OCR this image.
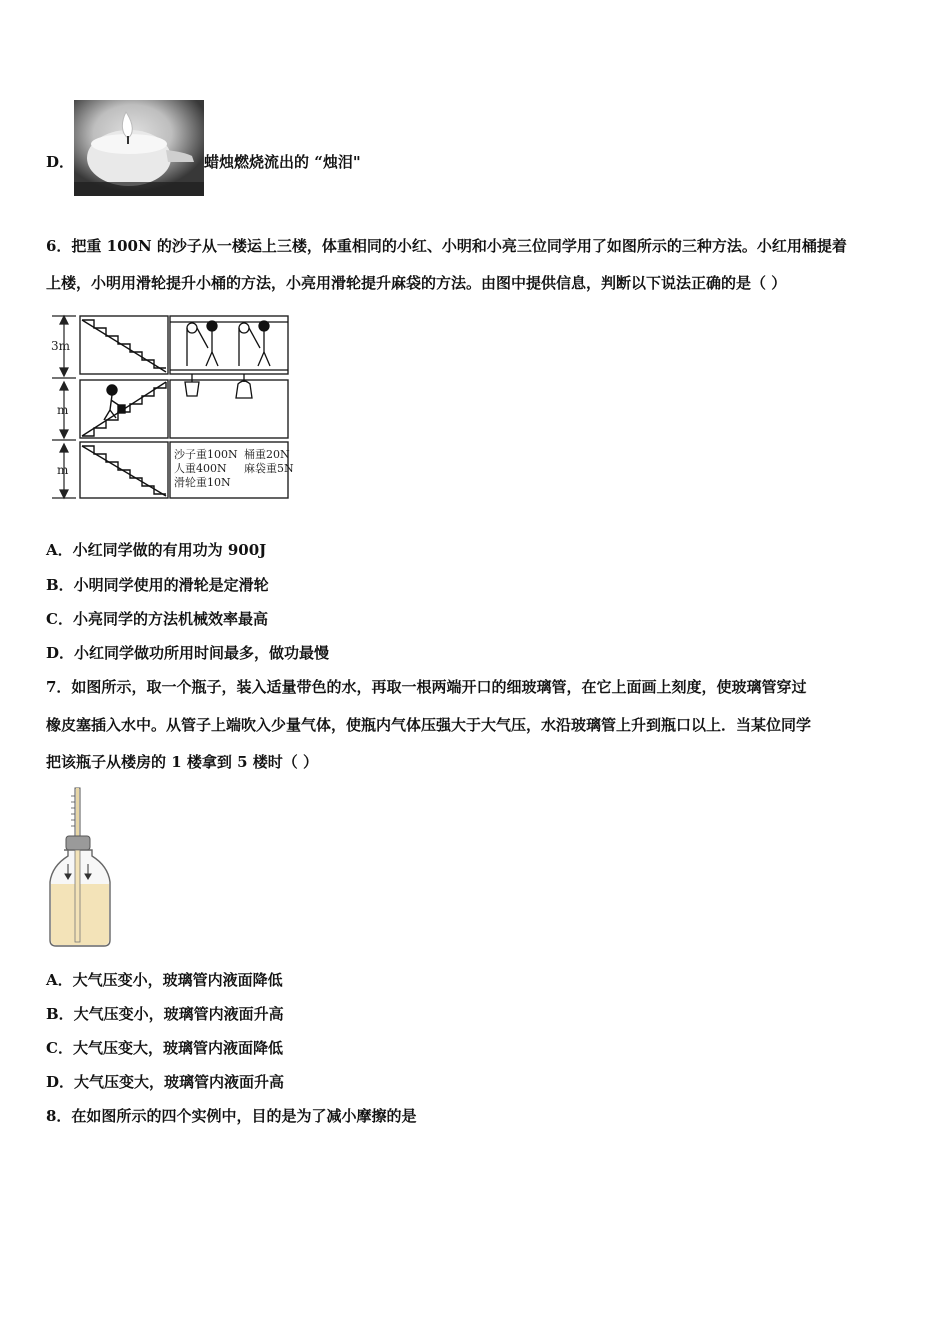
D．	蜡烛燃烧流出的 “烛泪"
6．把重 100N 的沙子从一楼运上三楼，体重相同的小红、小明和小亮三位同学用了如图所示的三种方法。小红用桶提着
上楼，小明用滑轮提升小桶的方法，小亮用滑轮提升麻袋的方法。由图中提供信息，判断以下说法正确的是（ ）
3m
m
m
沙子重100N 桶重20N
人重400N 麻袋重5N
滑轮重10N
A．小红同学做的有用功为 900J
B．小明同学使用的滑轮是定滑轮
C．小亮同学的方法机械效率最高
D．小红同学做功所用时间最多，做功最慢
7．如图所示，取一个瓶子，装入适量带色的水，再取一根两端开口的细玻璃管，在它上面画上刻度，使玻璃管穿过
橡皮塞插入水中。从管子上端吹入少量气体，使瓶内气体压强大于大气压，水沿玻璃管上升到瓶口以上．当某位同学
把该瓶子从楼房的 1 楼拿到 5 楼时（ ）
A．大气压变小，玻璃管内液面降低
B．大气压变小，玻璃管内液面升高
C．大气压变大，玻璃管内液面降低
D．大气压变大，玻璃管内液面升高
8．在如图所示的四个实例中，目的是为了减小摩擦的是
